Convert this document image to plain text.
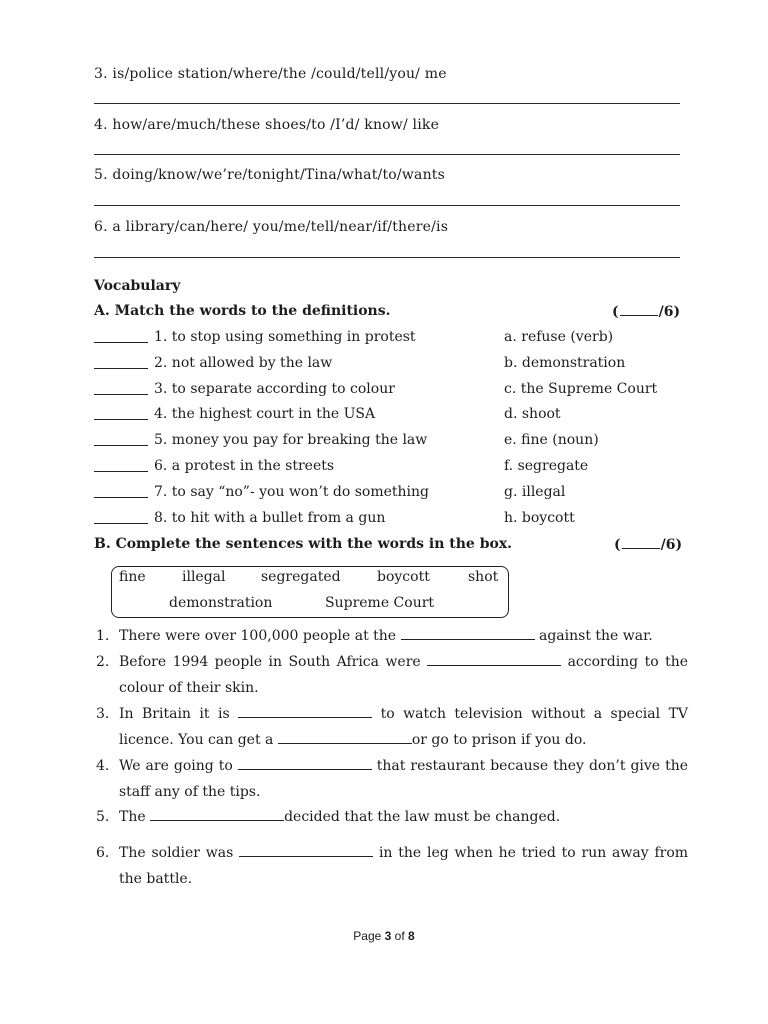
3. is/police station/where/the /could/tell/you/ me
4. how/are/much/these shoes/to /I’d/ know/ like
5. doing/know/we’re/tonight/Tina/what/to/wants
6. a library/can/here/ you/me/tell/near/if/there/is
Vocabulary
A. Match the words to the definitions.	(	/6)
1. to stop using something in protest	a. refuse (verb)
2. not allowed by the law	b. demonstration
3. to separate according to colour	c. the Supreme Court
4. the highest court in the USA	d. shoot
5. money you pay for breaking the law	e. fine (noun)
6. a protest in the streets	f. segregate
7. to say “no”- you won’t do something	g. illegal
8. to hit with a bullet from a gun	h. boycott
B. Complete the sentences with the words in the box.	(	/6)
fine	illegal	segregated	boycott	shot
demonstration	Supreme Court
1. There were over 100,000 people at the	against the war.
2. Before 1994 people in South Africa were	according to the colour of their skin.
3. In Britain it is	to watch television without a special TV licence. You can get a	or go to prison if you do.
4. We are going to	that restaurant because they don’t give the staff any of the tips.
5. The	decided that the law must be changed.
6. The soldier was	in the leg when he tried to run away from the battle.
Page 3 of 8
